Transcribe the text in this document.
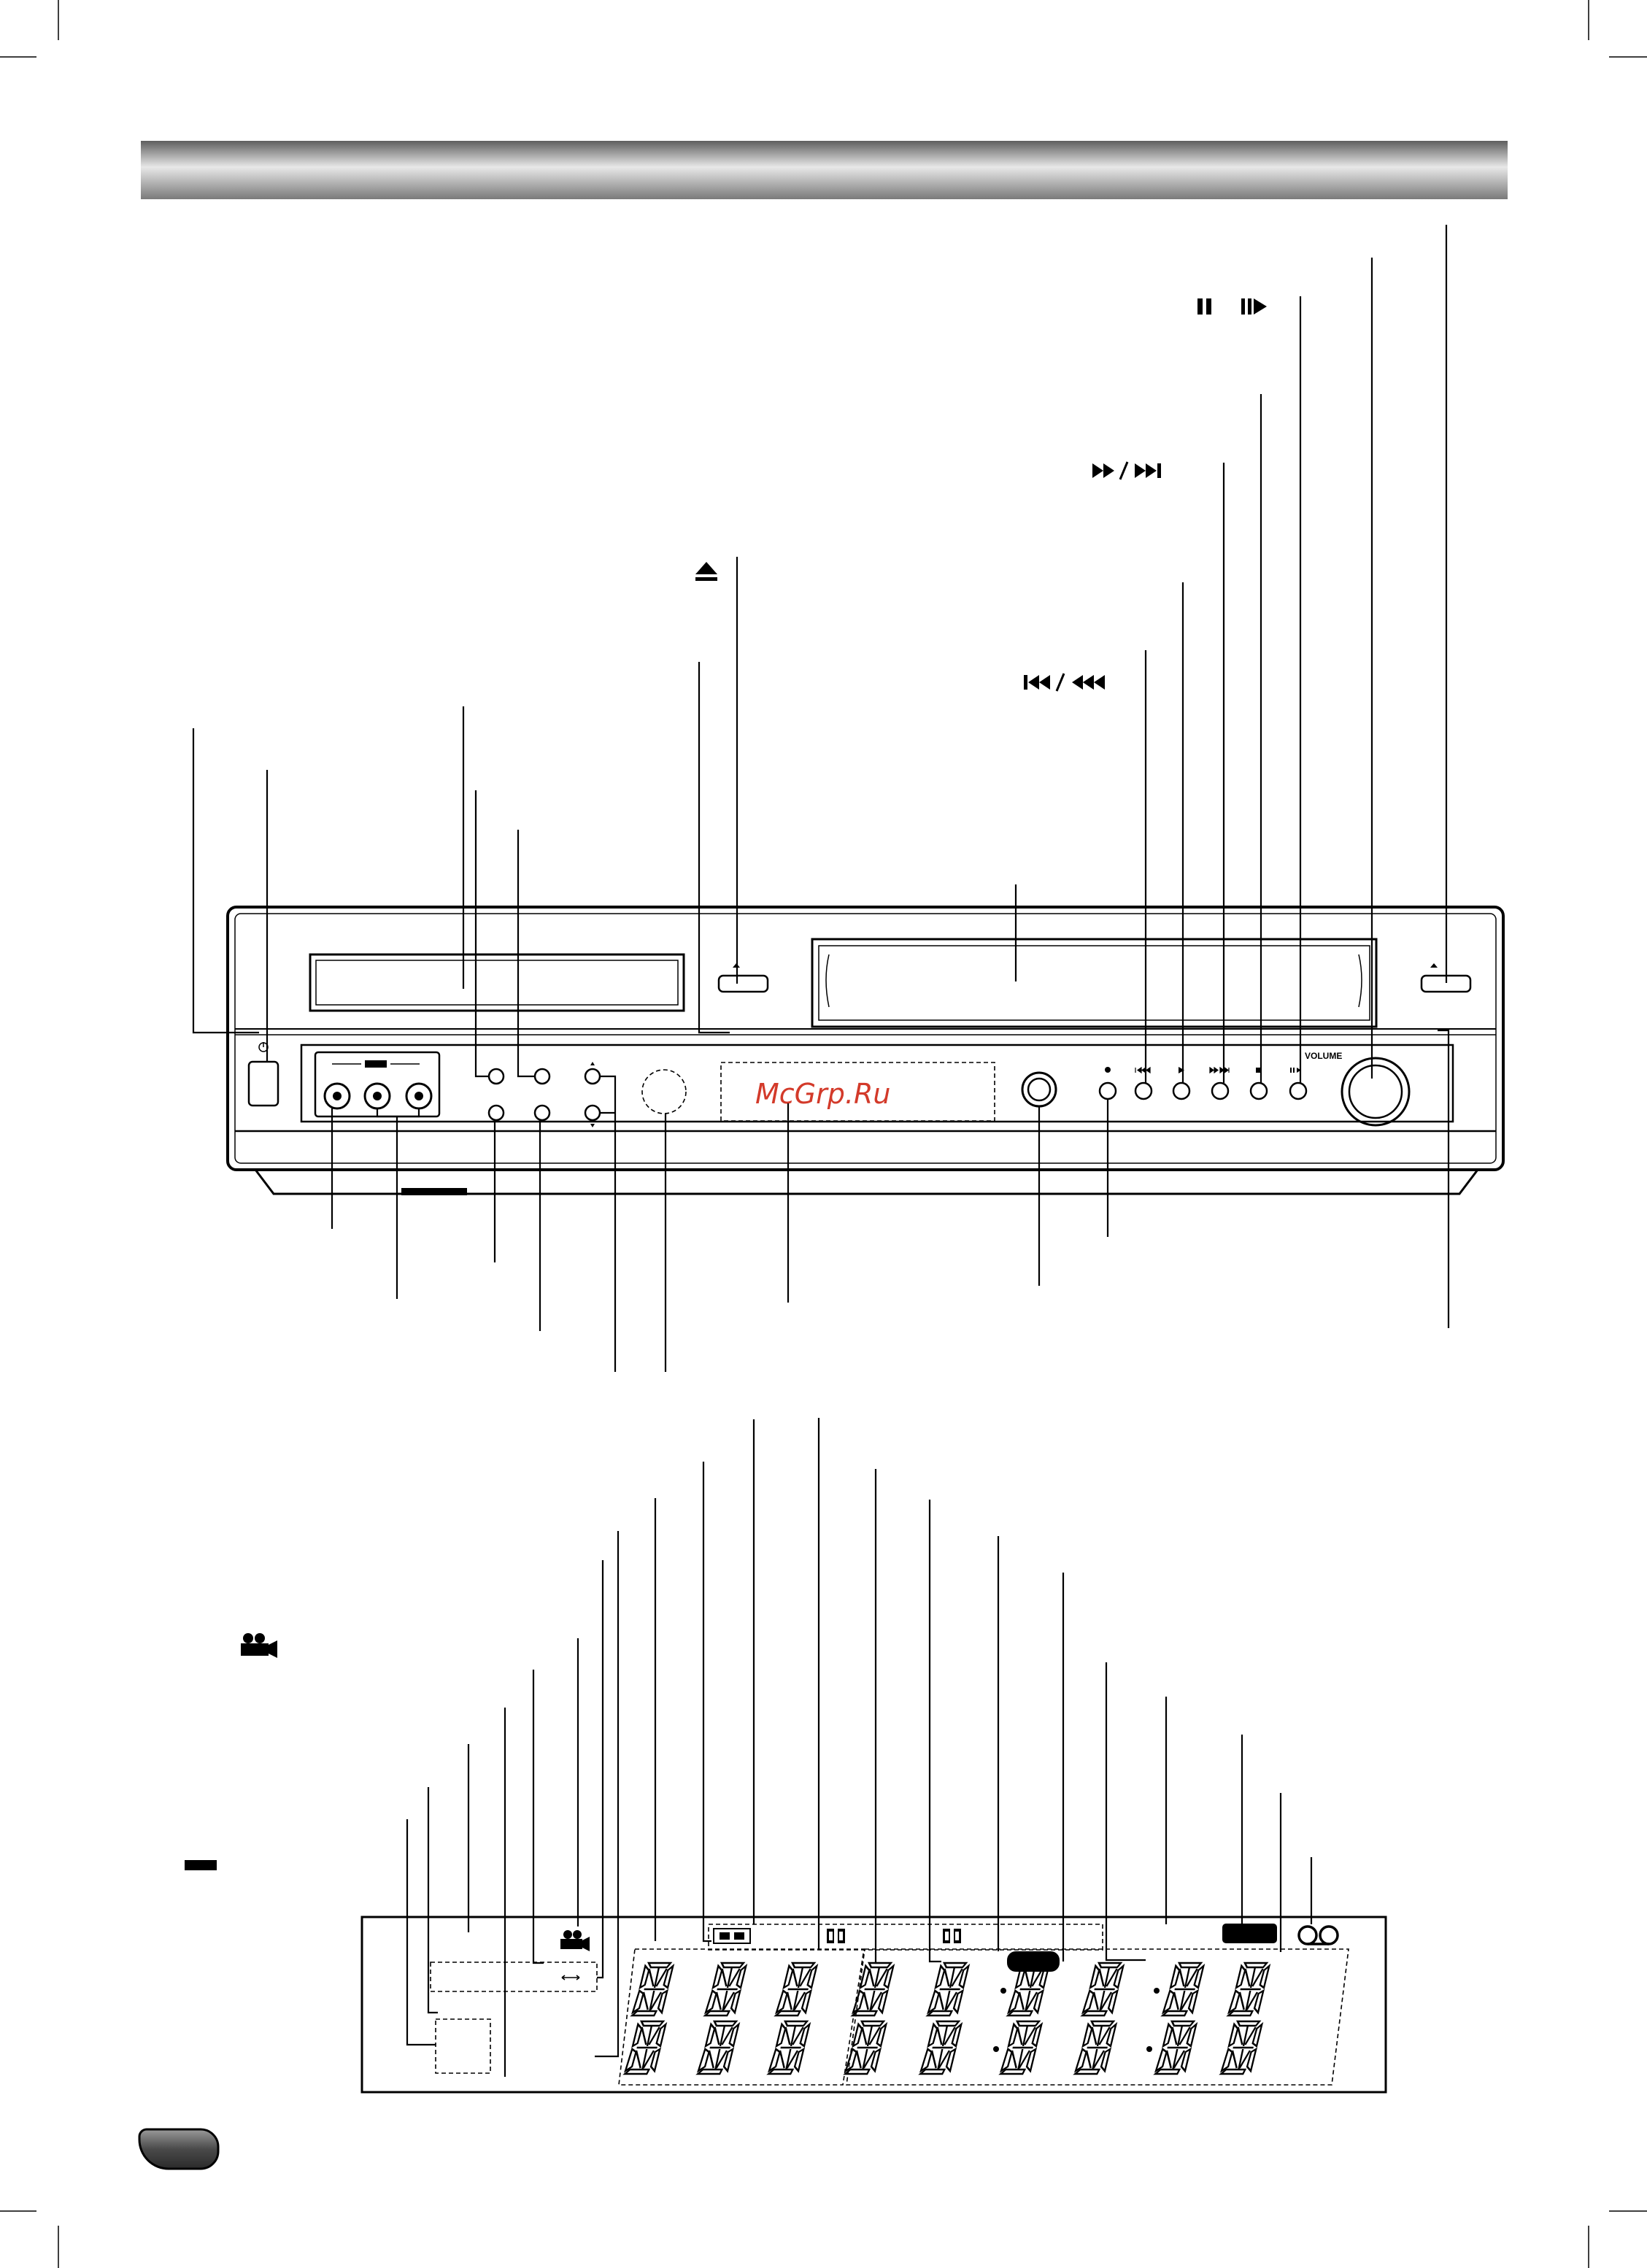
VOLUME
McGrp.Ru
